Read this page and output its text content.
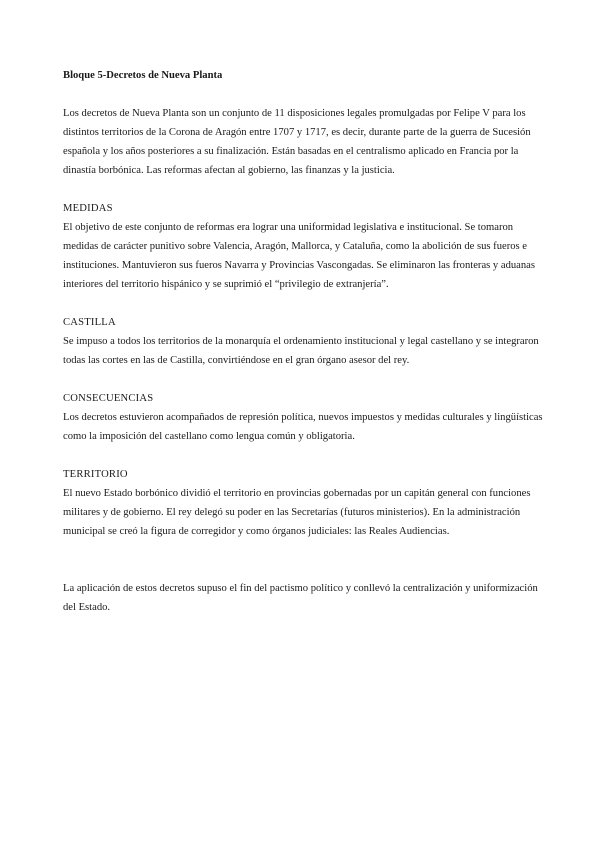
Bloque 5-Decretos de Nueva Planta

Los decretos de Nueva Planta son un conjunto de 11 disposiciones legales promulgadas por Felipe V para los distintos territorios de la Corona de Aragón entre 1707 y 1717, es decir, durante parte de la guerra de Sucesión española y los años posteriores a su finalización. Están basadas en el centralismo aplicado en Francia por la dinastía borbónica. Las reformas afectan al gobierno, las finanzas y la justicia.

MEDIDAS

El objetivo de este conjunto de reformas era lograr una uniformidad legislativa e institucional. Se tomaron medidas de carácter punitivo sobre Valencia, Aragón, Mallorca, y Cataluña, como la abolición de sus fueros e instituciones. Mantuvieron sus fueros Navarra y Provincias Vascongadas. Se eliminaron las fronteras y aduanas interiores del territorio hispánico y se suprimió el “privilegio de extranjería”.

CASTILLA

Se impuso a todos los territorios de la monarquía el ordenamiento institucional y legal castellano y se integraron todas las cortes en las de Castilla, convirtiéndose en el gran órgano asesor del rey.

CONSECUENCIAS

Los decretos estuvieron acompañados de represión política, nuevos impuestos y medidas culturales y lingüísticas como la imposición del castellano como lengua común y obligatoria.

TERRITORIO

El nuevo Estado borbónico dividió el territorio en provincias gobernadas por un capitán general con funciones militares y de gobierno. El rey delegó su poder en las Secretarías (futuros ministerios). En la administración municipal se creó la figura de corregidor y como órganos judiciales: las Reales Audiencias.

La aplicación de estos decretos supuso el fin del pactismo político y conllevó la centralización y uniformización del Estado.
